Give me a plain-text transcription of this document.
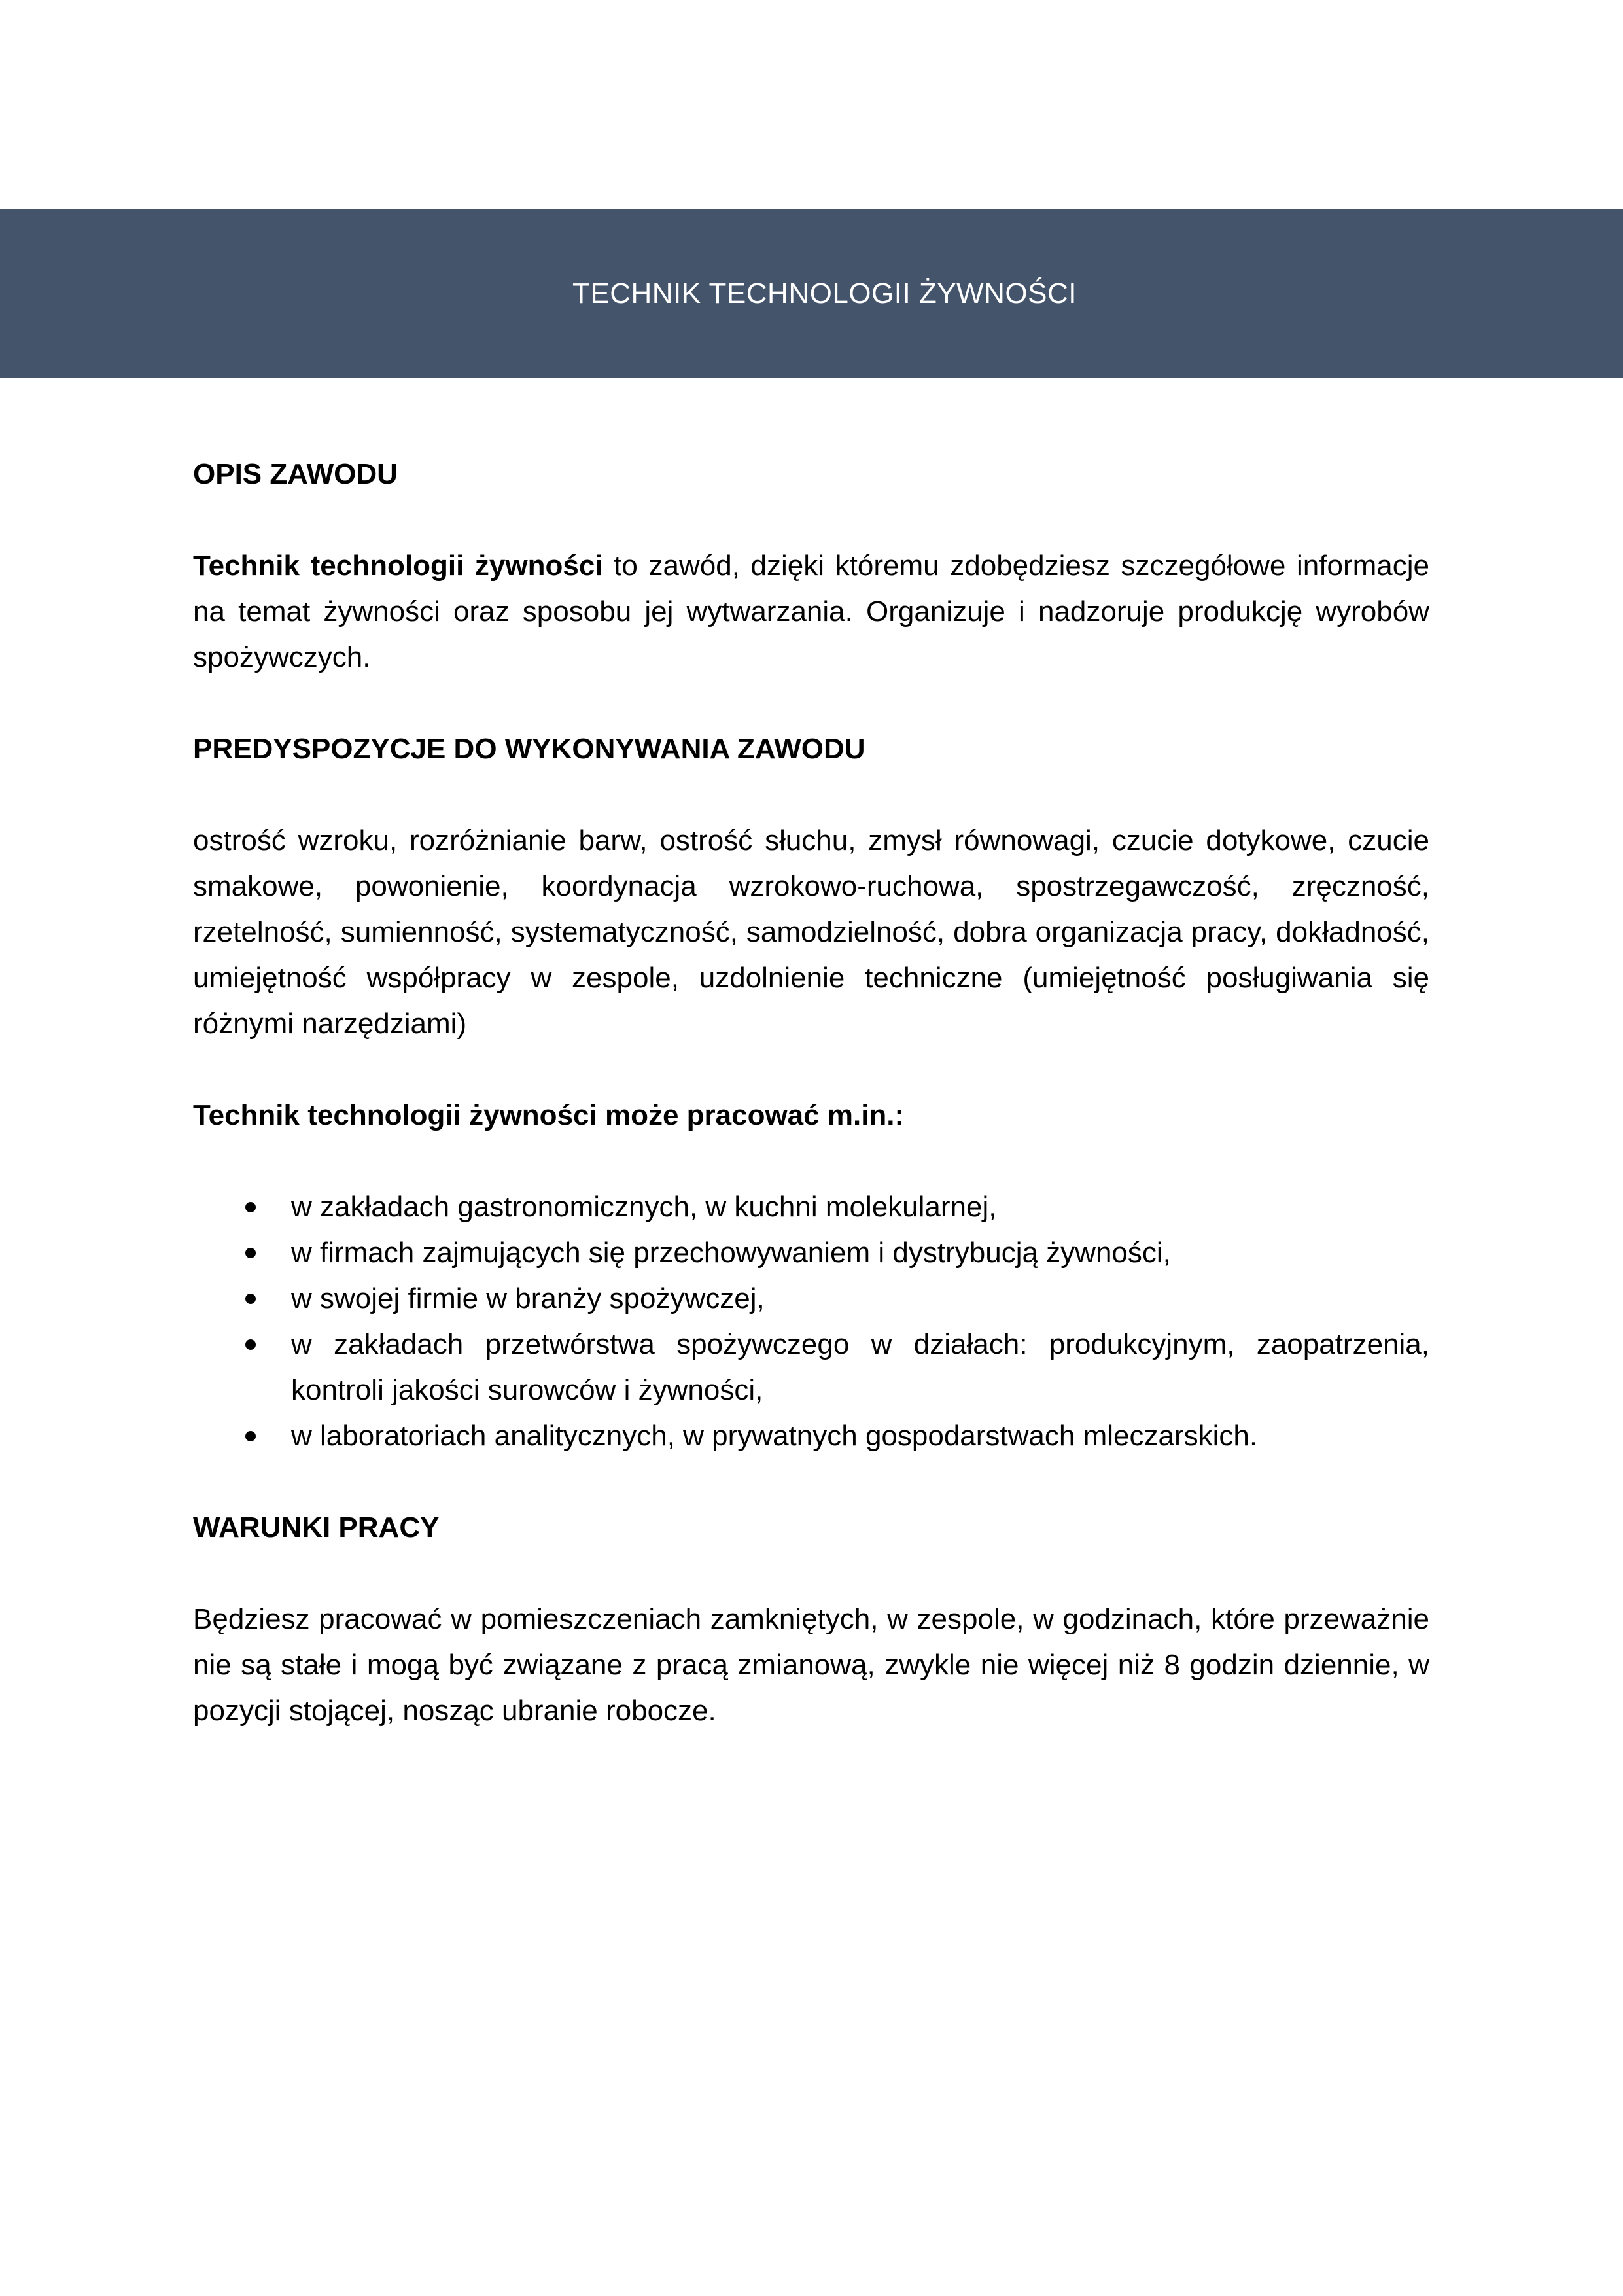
TECHNIK TECHNOLOGII ŻYWNOŚCI
OPIS ZAWODU

Technik technologii żywności to zawód, dzięki któremu zdobędziesz szczegółowe informacje na temat żywności oraz sposobu jej wytwarzania. Organizuje i nadzoruje produkcję wyrobów spożywczych.

PREDYSPOZYCJE DO WYKONYWANIA ZAWODU

ostrość wzroku, rozróżnianie barw, ostrość słuchu, zmysł równowagi, czucie dotykowe, czucie smakowe, powonienie, koordynacja wzrokowo-ruchowa, spostrzegawczość, zręczność, rzetelność, sumienność, systematyczność, samodzielność, dobra organizacja pracy, dokładność, umiejętność współpracy w zespole, uzdolnienie techniczne (umiejętność posługiwania się różnymi narzędziami)

Technik technologii żywności może pracować m.in.:
w zakładach gastronomicznych, w kuchni molekularnej,
w firmach zajmujących się przechowywaniem i dystrybucją żywności,
w swojej firmie w branży spożywczej,
w zakładach przetwórstwa spożywczego w działach: produkcyjnym, zaopatrzenia, kontroli jakości surowców i żywności,
w laboratoriach analitycznych, w prywatnych gospodarstwach mleczarskich.
WARUNKI PRACY

Będziesz pracować w pomieszczeniach zamkniętych, w zespole, w godzinach, które przeważnie nie są stałe i mogą być związane z pracą zmianową, zwykle nie więcej niż 8 godzin dziennie, w pozycji stojącej, nosząc ubranie robocze.
